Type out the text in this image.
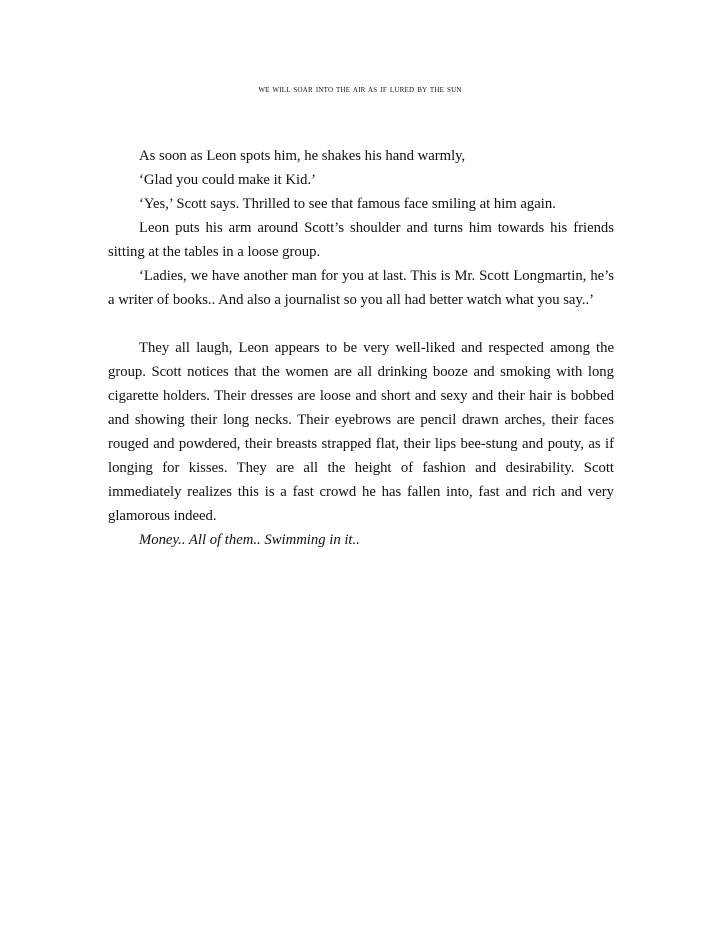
WE WILL SOAR INTO THE AIR AS IF LURED BY THE SUN

As soon as Leon spots him, he shakes his hand warmly,

‘Glad you could make it Kid.’

‘Yes,’ Scott says. Thrilled to see that famous face smiling at him again.

Leon puts his arm around Scott’s shoulder and turns him towards his friends sitting at the tables in a loose group.

‘Ladies, we have another man for you at last. This is Mr. Scott Longmartin, he’s a writer of books.. And also a journalist so you all had better watch what you say..’

They all laugh, Leon appears to be very well-liked and respected among the group. Scott notices that the women are all drinking booze and smoking with long cigarette holders. Their dresses are loose and short and sexy and their hair is bobbed and showing their long necks. Their eyebrows are pencil drawn arches, their faces rouged and powdered, their breasts strapped flat, their lips bee-stung and pouty, as if longing for kisses. They are all the height of fashion and desirability. Scott immediately realizes this is a fast crowd he has fallen into, fast and rich and very glamorous indeed.

Money.. All of them.. Swimming in it..
